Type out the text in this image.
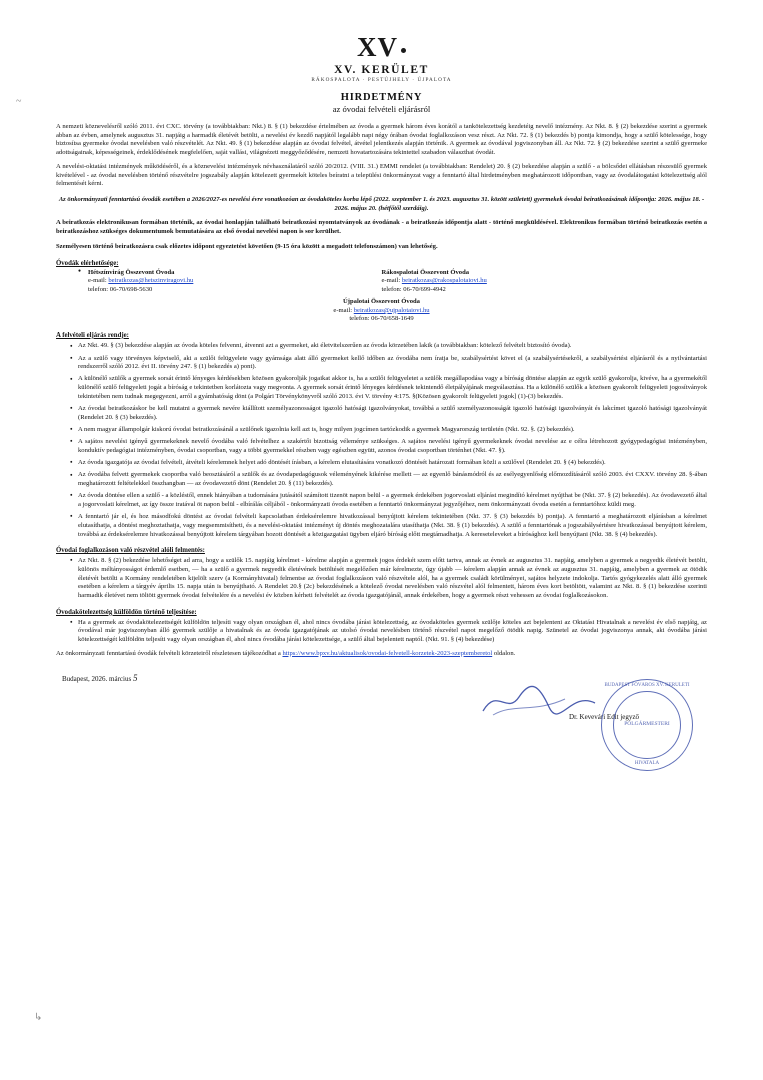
XV
XV. KERÜLET
RÁKOSPALOTA · PESTÚJHELY · ÚJPALOTA
HIRDETMÉNY
az óvodai felvételi eljárásról

A nemzeti köznevelésről szóló 2011. évi CXC. törvény (a továbbiakban: Nkt.) 8. § (1) bekezdése értelmében az óvoda a gyermek három éves korától a tankötelezettség kezdetéig nevelő intézmény. Az Nkt. 8. § (2) bekezdése szerint a gyermek abban az évben, amelynek augusztus 31. napjáig a harmadik életévét betölti, a nevelési év kezdő napjától legalább napi négy órában óvodai foglalkozáson vesz részt. Az Nkt. 72. § (1) bekezdés b) pontja kimondja, hogy a szülő kötelessége, hogy biztosítsa gyermeke óvodai nevelésben való részvételét. Az Nkt. 49. § (1) bekezdése alapján az óvodai felvétel, átvétel jelentkezés alapján történik. A gyermek az óvodával jogviszonyban áll. Az Nkt. 72. § (2) bekezdése szerint a szülő gyermeke adottságainak, képességeinek, érdeklődésének megfelelően, saját vallási, világnézeti meggyőződésére, nemzeti hovatartozására tekintettel szabadon választhat óvodát.

A nevelési-oktatási intézmények működéséről, és a köznevelési intézmények névhasználatáról szóló 20/2012. (VIII. 31.) EMMI rendelet (a továbbiakban: Rendelet) 20. § (2) bekezdése alapján a szülő - a bölcsődei ellátásban részesülő gyermek kivételével - az óvodai nevelésben történő részvételre jogszabály alapján kötelezett gyermekét köteles beíratni a települési önkormányzat vagy a fenntartó által hirdetményben meghatározott időpontban, vagy az óvodalátogatási kötelezettség alól felmentését kérni.

Az önkormányzati fenntartású óvodák esetében a 2026/2027-es nevelési évre vonatkozóan az óvodaköteles korba lépő (2022. szeptember 1. és 2023. augusztus 31. között született) gyermekek óvodai beiratkozásának időpontja: 2026. május 18. - 2026. május 20. (hétfőtől szerdáig).

A beiratkozás elektronikusan formában történik, az óvodai honlapján található beiratkozási nyomtatványok az óvodának - a beiratkozás időpontja alatt - történő megküldésével. Elektronikus formában történő beiratkozás esetén a beiratkozáshoz szükséges dokumentumok bemutatására az első óvodai nevelési napon is sor kerülhet.

Személyesen történő beiratkozásra csak előzetes időpont egyeztetést követően (9-15 óra között a megadott telefonszámon) van lehetőség.

Óvodák elérhetősége:
● Hétszínvirág Összevont Óvoda
e-mail: beiratkozas@hetszinviragovi.hu
telefon: 06-70/698-5630
Rákospalotai Összevont Óvoda
e-mail: beiratkozas@rakospalotaiovi.hu
telefon: 06-70/699-4942
Újpalotai Összevont Óvoda
e-mail: beiratkozas@ujpalotaiovi.hu
telefon: 06-70/658-1649
A felvételi eljárás rendje:
● Az Nkt. 49. § (3) bekezdése alapján az óvoda köteles felvenni, átvenni azt a gyermeket, aki életvitelszerűen az óvoda körzetében lakik (a továbbiakban: kötelező felvételt biztosító óvoda).
● Az a szülő vagy törvényes képviselő, aki a szülői felügyelete vagy gyámsága alatt álló gyermeket kellő időben az óvodába nem íratja be, szabálysértést követ el (a szabálysértésekről, a szabálysértési eljárásról és a nyilvántartási rendszerről szóló 2012. évi II. törvény 247. § (1) bekezdés a) pont).
● A különélő szülők a gyermek sorsát érintő lényeges kérdésekben közösen gyakorolják jogaikat akkor is, ha a szülői felügyeletet a szülők megállapodása vagy a bíróság döntése alapján az egyik szülő gyakorolja, kivéve, ha a gyermekétől különélő szülő felügyeleti jogát a bíróság e tekintetben korlátozta vagy megvonta. A gyermek sorsát érintő lényeges kérdésnek tekintendő életpályájának megválasztása. Ha a különélő szülők a közösen gyakorolt felügyeleti jogosítványok tekintetében nem tudnak megegyezni, arról a gyámhatóság dönt (a Polgári Törvénykönyvről szóló 2013. évi V. törvény 4:175. §(Közösen gyakorolt felügyeleti jogok] (1)-(3) bekezdés.
● Az óvodai beiratkozáskor be kell mutatni a gyermek nevére kiállított személyazonosságot igazoló hatósági igazolványokat, továbbá a szülő személyazonosságát igazoló hatósági igazolványát és lakcímet igazoló hatósági igazolványát (Rendelet 20. § (3) bekezdés).
● A nem magyar állampolgár kiskorú óvodai beiratkozásánál a szülőnek igazolnia kell azt is, hogy milyen jogcímen tartózkodik a gyermek Magyarország területén (Nkt. 92. §. (2) bekezdés).
● A sajátos nevelési igényű gyermekeknek nevelő óvodába való felvételhez a szakértői bizottság véleménye szükséges. A sajátos nevelési igényű gyermekeknek óvodai nevelése az e célra létrehozott gyógypedagógiai intézményben, konduktív pedagógiai intézményben, óvodai csoportban, vagy a többi gyermekkel részben vagy egészben együtt, azonos óvodai csoportban történhet (Nkt. 47. §).
● Az óvoda igazgatója az óvodai felvételi, átvételi kérelemnek helyet adó döntését írásban, a kérelem elutasítására vonatkozó döntését határozati formában közli a szülővel (Rendelet 20. § (4) bekezdés).
● Az óvodába felvett gyermekek csoportba való beosztásáról a szülők és az óvodapedagógusok véleményének kikérése mellett — az egyenlő bánásmódról és az esélyegyenlőség előmozdításáról szóló 2003. évi CXXV. törvény 28. §-ában meghatározott feltételekkel összhangban — az óvodavezető dönt (Rendelet 20. § (11) bekezdés).
● Az óvoda döntése ellen a szülő - a közléstől, ennek hiányában a tudomására jutásától számított tizenöt napon belül - a gyermek érdekében jogorvoslati eljárást megindító kérelmet nyújthat be (Nkt. 37. § (2) bekezdés). Az óvodavezető által a jogorvoslati kérelmet, az így össze iratával öt napon belül - elbírálás céljából - önkormányzati óvoda esetében a fenntartó önkormányzat jegyzőjéhez, nem önkormányzati óvoda esetén a fenntartóhoz küldi meg.
● A fenntartó jár el, és hoz másodfokú döntést az óvodai felvételi kapcsolatban érdeksérelemre hivatkozással benyújtott kérelem tekintetében (Nkt. 37. § (3) bekezdés b) pontja). A fenntartó a meghatározott eljárásban a kérelmet elutasíthatja, a döntést meghoztathatja, vagy megsemmisítheti, és a nevelési-oktatási intézményt új döntés meghozatalára utasíthatja (Nkt. 38. § (1) bekezdés). A szülő a fenntartónak a jogszabálysértésre hivatkozással benyújtott kérelem, továbbá az érdeksérelemre hivatkozással benyújtott kérelem tárgyában hozott döntését a közigazgatási ügyben eljáró bíróság előtt megtámadhatja. A kereseteleveket a bírósághoz kell benyújtani (Nkt. 38. § (4) bekezdés).
Óvodai foglalkozáson való részvétel alóli felmentés:
● Az Nkt. 8. § (2) bekezdése lehetőséget ad arra, hogy a szülők 15. napjáig kérelmet - kérelme alapján a gyermek jogos érdekét szem előtt tartva, annak az évnek az augusztus 31. napjáig, amelyben a gyermek a negyedik életévét betölti, különös méltányosságot érdemlő esetben, — ha a szülő a gyermek negyedik életévének betöltését megelőzően már kérelmezte, úgy újabb — kérelem alapján annak az évnek az augusztus 31. napjáig, amelyben a gyermek az ötödik életévét betölti a Kormány rendeletében kijelölt szerv (a Kormányhivatal) felmentse az óvodai foglalkozáson való részvétele alól, ha a gyermek családi körülményei, sajátos helyzete indokolja. Tartós gyógykezelés alatt álló gyermek esetében a kérelem a tárgyév április 15. napja után is benyújtható. A Rendelet 20.§ (2c) bekezdésének a kötelező óvodai nevelésben való részvétel alól felmentett, három éves kort betöltött, valamint az Nkt. 8. § (1) bekezdése szerinti harmadik életévet nem töltött gyermek óvodai felvételére és a nevelési év közben kérheti felvételét az óvoda igazgatójánál, annak érdekében, hogy a gyermek részt vehessen az óvodai foglalkozásokon.
Óvodakötelezettség külföldön történő teljesítése:
● Ha a gyermek az óvodakötelezettségét külföldön teljesíti vagy olyan országban él, ahol nincs óvodába járási kötelezettség, az óvodaköteles gyermek szülője köteles azt bejelenteni az Oktatási Hivatalnak a nevelési év első napjáig, az óvodával már jogviszonyban álló gyermek szülője a hivatalnak és az óvoda igazgatójának az utolsó óvodai nevelésben történő részvétel napot megelőző ötödik napig. Szünetel az óvodai jogviszonya annak, aki óvodába járási kötelezettségét külföldön teljesíti vagy olyan országban él, ahol nincs óvodába járási kötelezettsége, a szülő által bejelentett naptól. (Nkt. 91. § (4) bekezdése)

Az önkormányzati fenntartású óvodák felvételi körzeteiről részletesen tájékozódhat a https://www.bpxv.hu/aktualisok/ovodai-felvetell-korzetek-2023-szeptemberetol oldalon.

Budapest, 2026. március 5
Dr. Kevevári Edit jegyző
BUDAPEST FŐVÁROS XV. KERÜLETI
POLGÁRMESTERI
HIVATALA
~
↳
